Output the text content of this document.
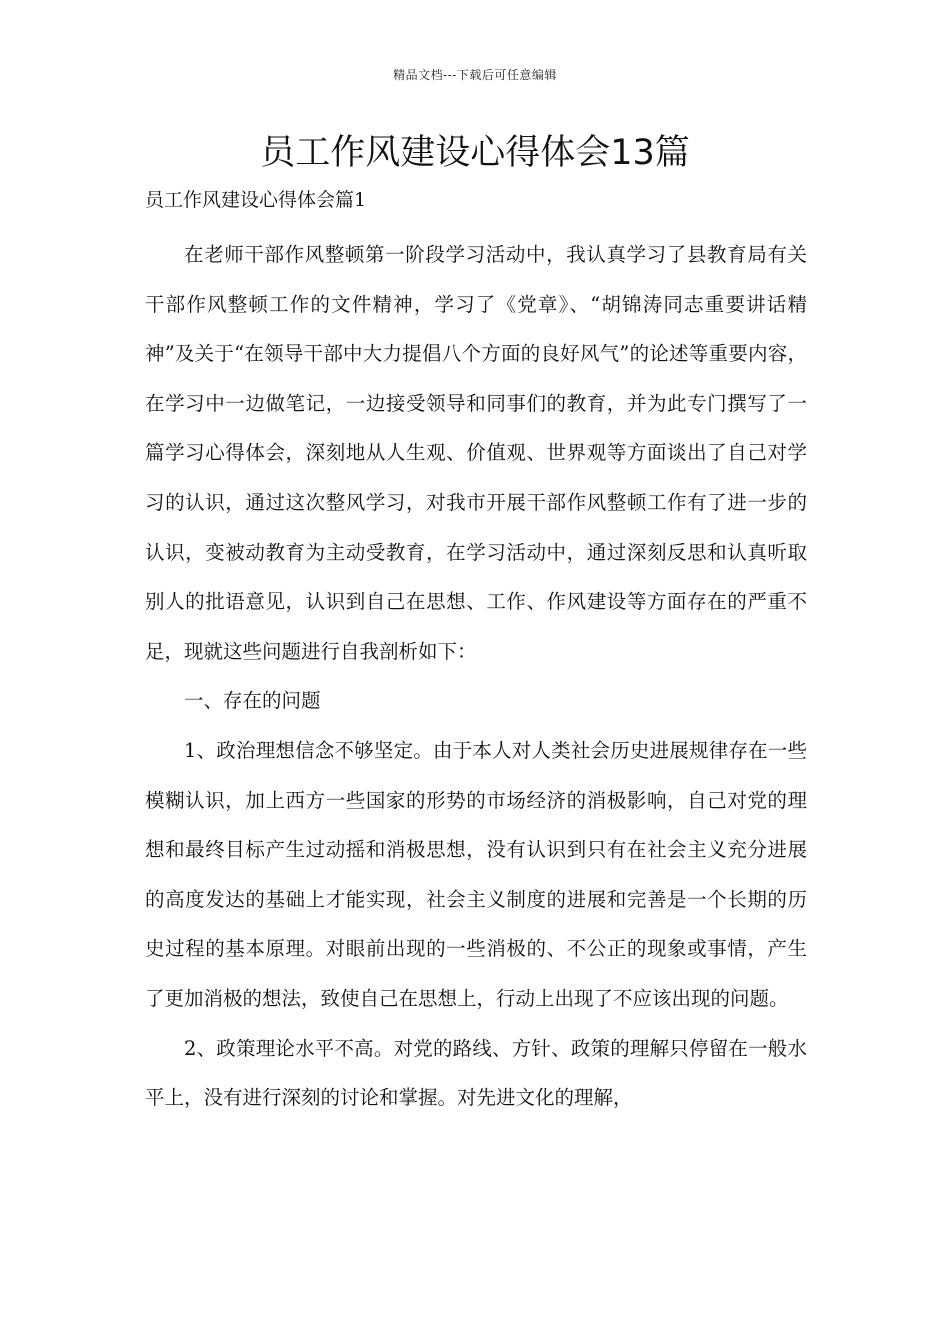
精品文档---下载后可任意编辑
员工作风建设心得体会13篇
员工作风建设心得体会篇1

在老师干部作风整顿第一阶段学习活动中，我认真学习了县教育局有关干部作风整顿工作的文件精神，学习了《党章》、“胡锦涛同志重要讲话精神”及关于“在领导干部中大力提倡八个方面的良好风气”的论述等重要内容，在学习中一边做笔记，一边接受领导和同事们的教育，并为此专门撰写了一篇学习心得体会，深刻地从人生观、价值观、世界观等方面谈出了自己对学习的认识，通过这次整风学习，对我市开展干部作风整顿工作有了进一步的认识，变被动教育为主动受教育，在学习活动中，通过深刻反思和认真听取别人的批语意见，认识到自己在思想、工作、作风建设等方面存在的严重不足，现就这些问题进行自我剖析如下：

一、存在的问题

1、政治理想信念不够坚定。由于本人对人类社会历史进展规律存在一些模糊认识，加上西方一些国家的形势的市场经济的消极影响，自己对党的理想和最终目标产生过动摇和消极思想，没有认识到只有在社会主义充分进展的高度发达的基础上才能实现，社会主义制度的进展和完善是一个长期的历史过程的基本原理。对眼前出现的一些消极的、不公正的现象或事情，产生了更加消极的想法，致使自己在思想上，行动上出现了不应该出现的问题。

2、政策理论水平不高。对党的路线、方针、政策的理解只停留在一般水平上，没有进行深刻的讨论和掌握。对先进文化的理解，
